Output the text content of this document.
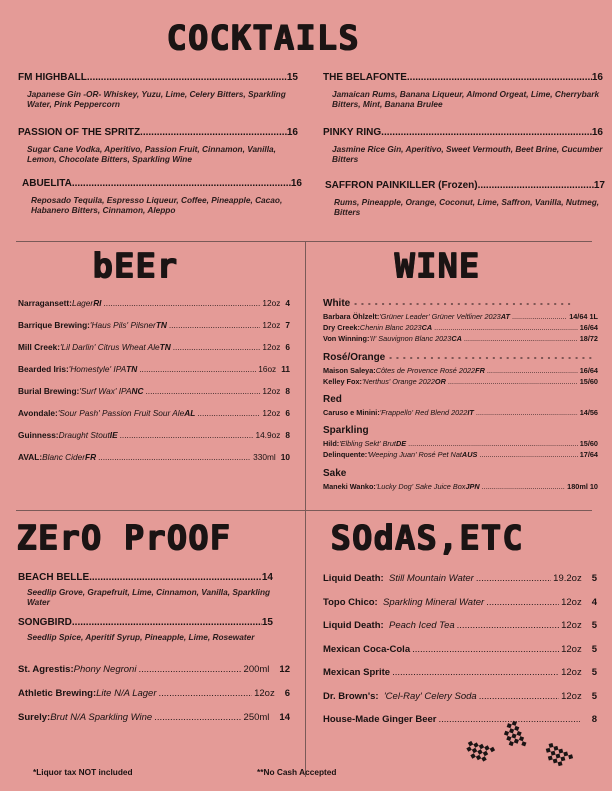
COCKTAILS
bEEr	WINE
ZErO PrOOF	SOdAS,ETC
FM HIGHBALL .....	15
Japanese Gin -OR- Whiskey, Yuzu, Lime, Celery Bitters, Sparkling Water, Pink Peppercorn
PASSION OF THE SPRITZ .....	16
Sugar Cane Vodka, Aperitivo, Passion Fruit, Cinnamon, Vanilla, Lemon, Chocolate Bitters, Sparkling Wine
ABUELITA .....	16
Reposado Tequila, Espresso Liqueur, Coffee, Pineapple, Cacao, Habanero Bitters, Cinnamon, Aleppo
THE BELAFONTE .....	16
Jamaican Rums, Banana Liqueur, Almond Orgeat, Lime, Cherrybark Bitters, Mint, Banana Brulee
PINKY RING .....	16
Jasmine Rice Gin, Aperitivo, Sweet Vermouth, Beet Brine, Cucumber Bitters
SAFFRON PAINKILLER (Frozen) .....	17
Rums, Pineapple, Orange, Coconut, Lime, Saffron, Vanilla, Nutmeg, Bitters
Narragansett: Lager RI .....	12oz 4
Barrique Brewing: 'Haus Pils' Pilsner TN .....	12oz 7
Mill Creek: 'Lil Darlin' Citrus Wheat Ale TN .....	12oz 6
Bearded Iris: 'Homestyle' IPA TN .....	16oz 11
Burial Brewing: 'Surf Wax' IPA NC .....	12oz 8
Avondale: 'Sour Pash' Passion Fruit Sour Ale AL .....	12oz 6
Guinness: Draught Stout IE .....	14.9oz 8
AVAL: Blanc Cider FR .....	330ml 10
White
- - -
Barbara Öhlzelt: 'Grüner Leader' Grüner Veltliner 2023 AT .....	14/64 1L
Dry Creek: Chenin Blanc 2023 CA .....	16/64
Von Winning: 'II' Sauvignon Blanc 2023 CA .....	18/72
Rosé/Orange
- - -
Maison Saleya: Côtes de Provence Rosé 2022 FR .....	16/64
Kelley Fox: 'Nerthus' Orange 2022 OR .....	15/60
Red
Caruso e Minini: 'Frappello' Red Blend 2022 IT .....	14/56
Sparkling
Hild: 'Elbling Sekt' Brut DE .....	15/60
Delinquente: 'Weeping Juan' Rosé Pet Nat AUS .....	17/64
Sake
Maneki Wanko: 'Lucky Dog' Sake Juice Box JPN .....	180ml 10
BEACH BELLE .....	14
Seedlip Grove, Grapefruit, Lime, Cinnamon, Vanilla, Sparkling Water
SONGBIRD .....	15
Seedlip Spice, Aperitif Syrup, Pineapple, Lime, Rosewater
St. Agrestis: Phony Negroni .....	200ml 12
Athletic Brewing: Lite N/A Lager .....	12oz 6
Surely: Brut N/A Sparkling Wine .....	250ml 14
Liquid Death: Still Mountain Water .....	19.2oz 5
Topo Chico: Sparkling Mineral Water .....	12oz 4
Liquid Death: Peach Iced Tea .....	12oz 5
Mexican Coca-Cola .....	12oz 5
Mexican Sprite .....	12oz 5
Dr. Brown's: 'Cel-Ray' Celery Soda .....	12oz 5
House-Made Ginger Beer .....	8
*Liquor tax NOT included	**No Cash Accepted
